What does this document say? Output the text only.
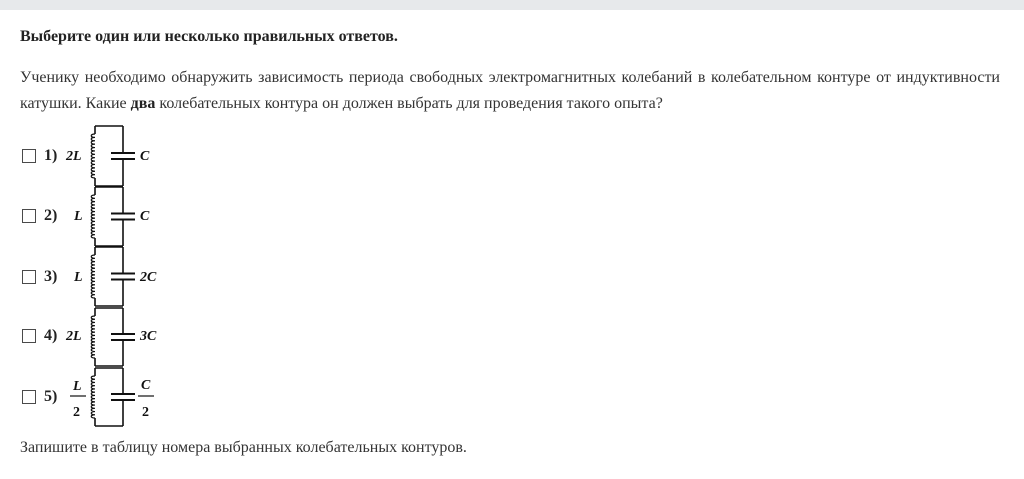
Выберите один или несколько правильных ответов.
Ученику необходимо обнаружить зависимость периода свободных электромагнитных колебаний в колебательном контуре от индуктивности катушки. Какие два колебательных контура он должен выбрать для проведения такого опыта?
1)
2)
3)
4)
5)
2L	C
L	C
L	2C
2L	3C
L
2
C
2
Запишите в таблицу номера выбранных колебательных контуров.
